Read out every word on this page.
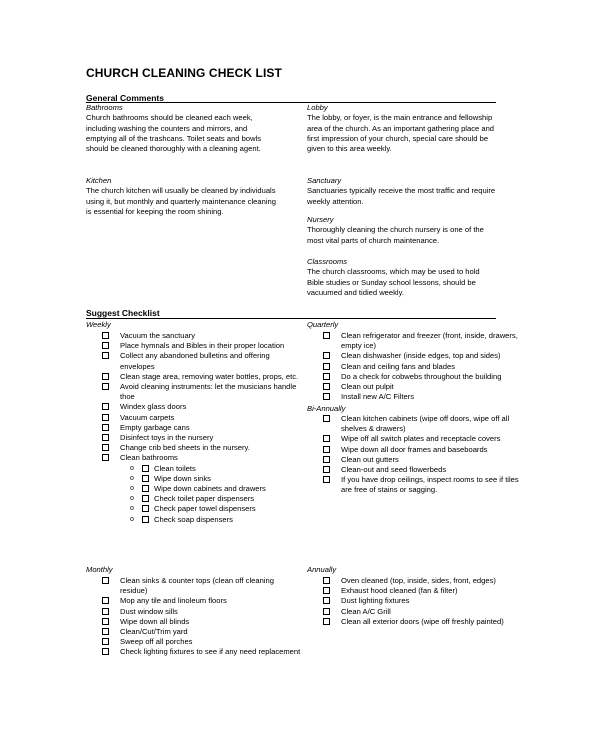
CHURCH CLEANING CHECK LIST
General Comments
Bathrooms
Church bathrooms should be cleaned each week, including washing the counters and mirrors, and emptying all of the trashcans. Toilet seats and bowls should be cleaned thoroughly with a cleaning agent.
Kitchen
The church kitchen will usually be cleaned by individuals using it, but monthly and quarterly maintenance cleaning is essential for keeping the room shining.
Lobby
The lobby, or foyer, is the main entrance and fellowship area of the church. As an important gathering place and first impression of your church, special care should be given to this area weekly.
Sanctuary
Sanctuaries typically receive the most traffic and require weekly attention.
Nursery
Thoroughly cleaning the church nursery is one of the most vital parts of church maintenance.
Classrooms
The church classrooms, which may be used to hold Bible studies or Sunday school lessons, should be vacuumed and tidied weekly.
Suggest Checklist
Weekly
Vacuum the sanctuary
Place hymnals and Bibles in their proper location
Collect any abandoned bulletins and offering envelopes
Clean stage area, removing water bottles, props, etc.
Avoid cleaning instruments: let the musicians handle thoe
Windex glass doors
Vacuum carpets
Empty garbage cans
Disinfect toys in the nursery
Change crib bed sheets in the nursery.
Clean bathrooms
o	Clean toilets
o	Wipe down sinks
o	Wipe down cabinets and drawers
o	Check toilet paper dispensers
o	Check paper towel dispensers
o	Check soap dispensers
Monthly
Clean sinks & counter tops (clean off cleaning residue)
Mop any tile and linoleum floors
Dust window sills
Wipe down all blinds
Clean/Cut/Trim yard
Sweep off all porches
Check lighting fixtures to see if any need replacement
Quarterly
Clean refrigerator and freezer (front, inside, drawers, empty ice)
Clean dishwasher (inside edges, top and sides)
Clean and ceiling fans and blades
Do a check for cobwebs throughout the building
Clean out pulpit
Install new A/C Filters
Bi-Annually
Clean kitchen cabinets (wipe off doors, wipe off all shelves & drawers)
Wipe off all switch plates and receptacle covers
Wipe down all door frames and baseboards
Clean out gutters
Clean-out and seed flowerbeds
If you have drop ceilings, inspect rooms to see if tiles are free of stains or sagging.
Annually
Oven cleaned (top, inside, sides, front, edges)
Exhaust hood cleaned (fan & filter)
Dust lighting fixtures
Clean A/C Grill
Clean all exterior doors (wipe off freshly painted)
